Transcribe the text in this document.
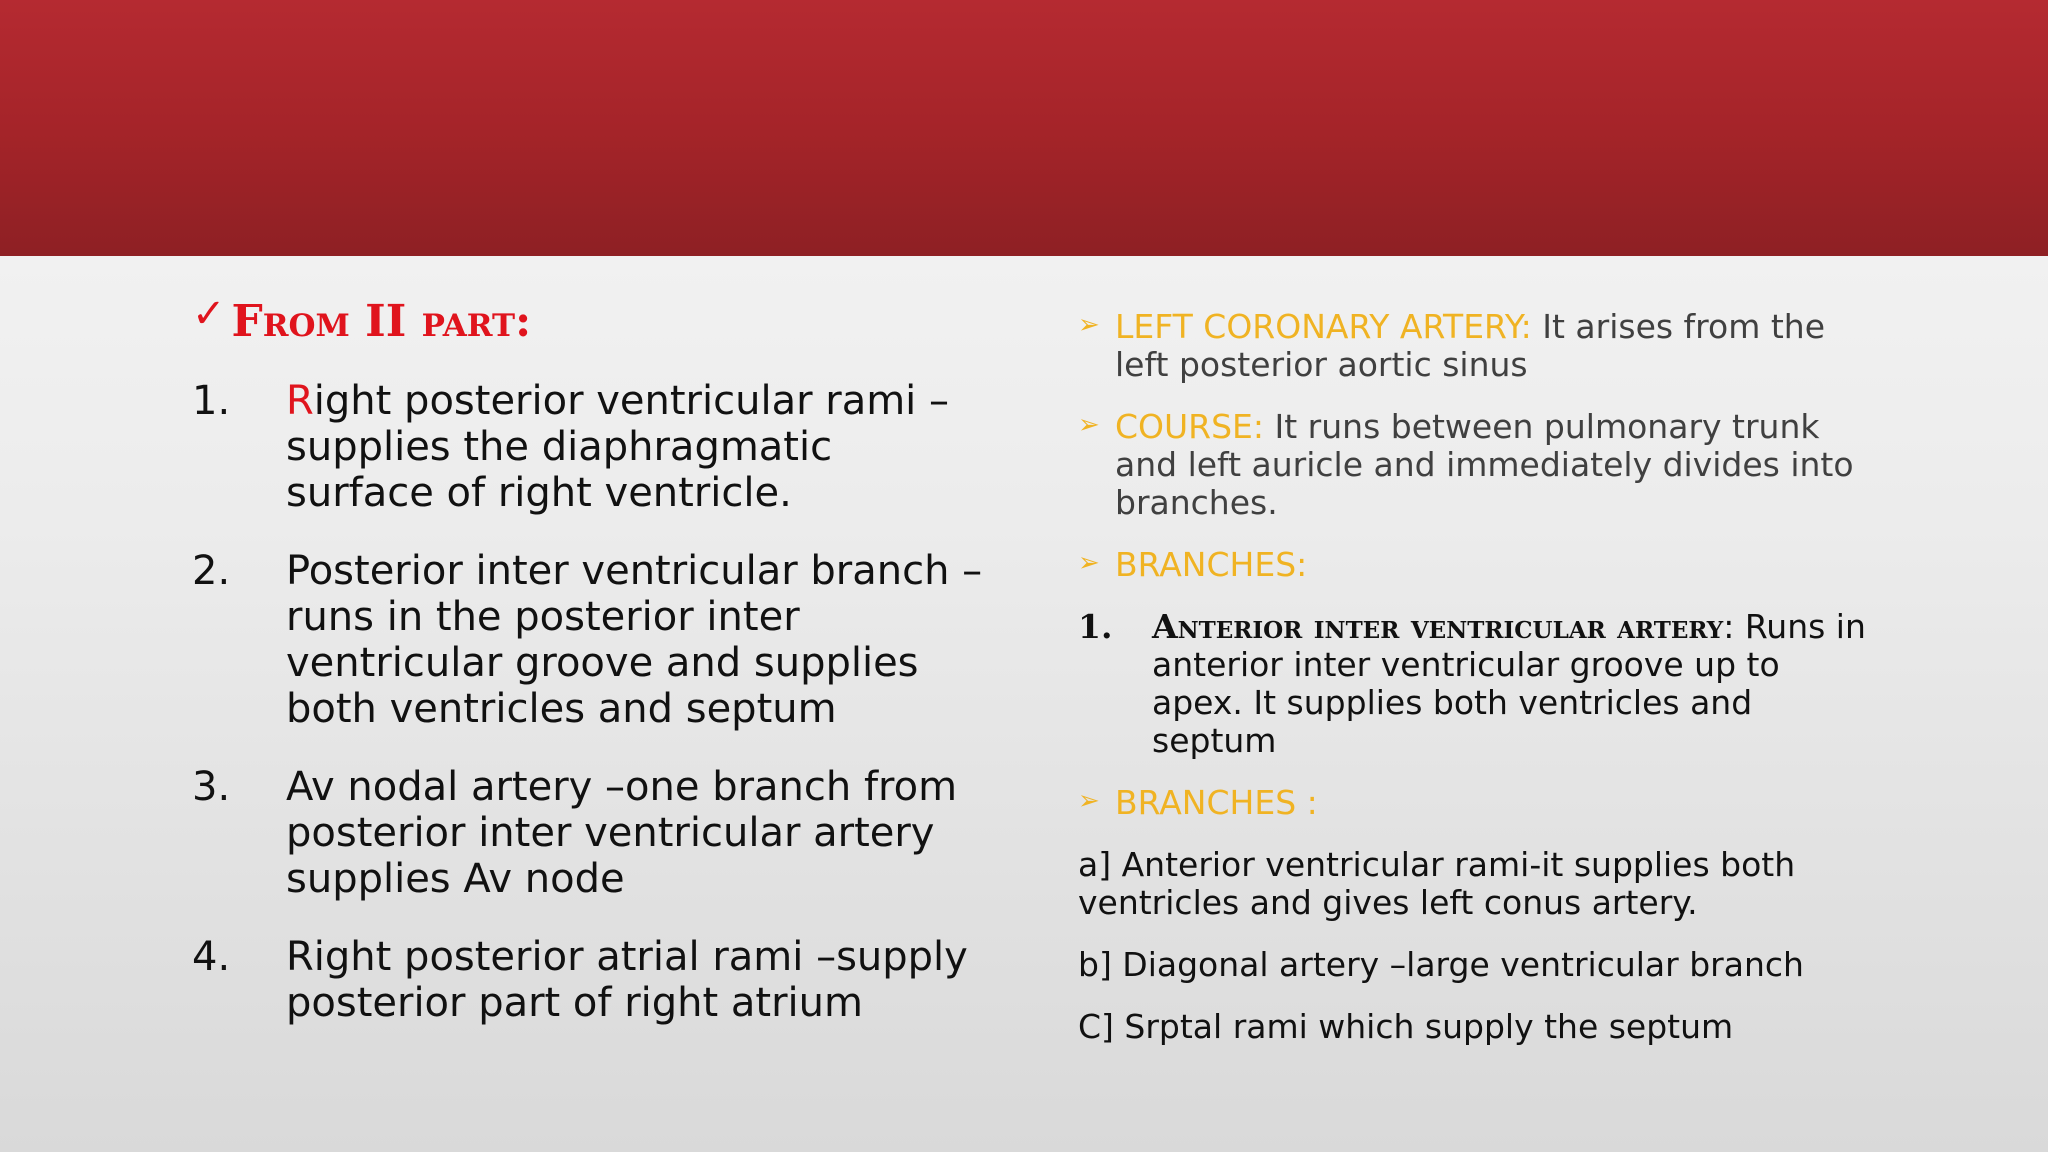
✓ From II part:
1.	Right posterior ventricular rami –supplies the diaphragmatic surface of right ventricle.
2.	Posterior inter ventricular branch –runs in the posterior inter ventricular groove and supplies both ventricles and septum
3.	Av nodal artery –one branch from posterior inter ventricular artery supplies Av node
4.	Right posterior atrial rami –supply posterior part of right atrium
➢ LEFT CORONARY ARTERY: It arises from the left posterior aortic sinus
➢ COURSE: It runs between pulmonary trunk and left auricle and immediately divides into branches.
➢ BRANCHES:
1.	Anterior inter ventricular artery: Runs in anterior inter ventricular groove up to apex. It supplies both ventricles and septum
➢ BRANCHES :
a] Anterior ventricular rami-it supplies both ventricles and gives left conus artery.
b] Diagonal artery –large ventricular branch
C] Srptal rami which supply the septum
